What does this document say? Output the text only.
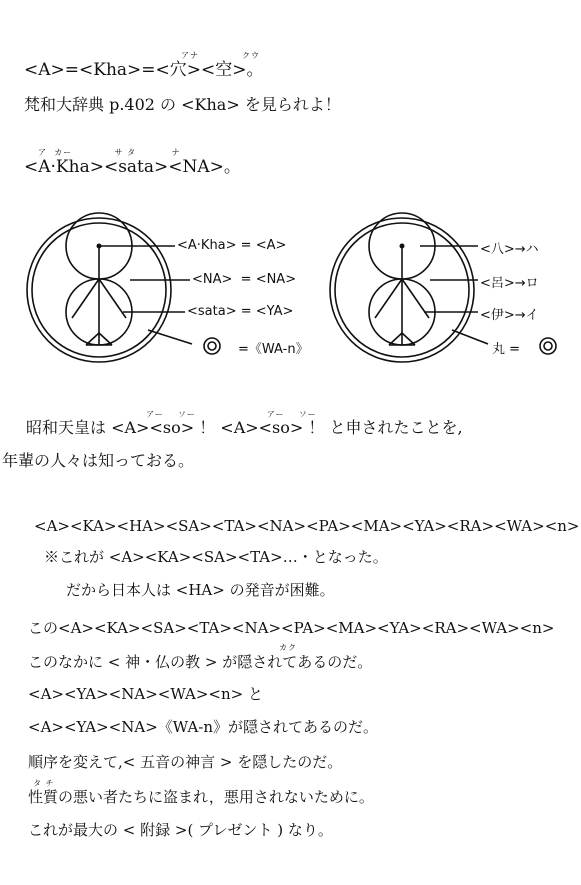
アナ	クウ
<A>=<Kha>=<穴><空>。
梵和大辞典 p.402 の <Kha> を見られよ！
ア  カー            サ タ          ナ
<A·Kha><sata><NA>。
<A·Kha> = <A>
<NA>  = <NA>
<sata> = <YA>
=《WA-n》
<八>→ハ
<呂>→ロ
<伊>→イ
丸 =
アー    ソー                    アー    ソー
昭和天皇は <A><so> ！ <A><so> ！ と申されたことを,
年輩の人々は知っておる。
<A><KA><HA><SA><TA><NA><PA><MA><YA><RA><WA><n>
※これが <A><KA><SA><TA>…・となった。
だから日本人は <HA> の発音が困難。
この<A><KA><SA><TA><NA><PA><MA><YA><RA><WA><n>
カク
このなかに < 神・仏の教 > が隠されてあるのだ。
<A><YA><NA><WA><n> と
<A><YA><NA>《WA-n》が隠されてあるのだ。
順序を変えて,< 五音の神言 > を隠したのだ。
タ チ
性質の悪い者たちに盗まれ，悪用されないために。
これが最大の < 附録 >( プレゼント ) なり。
